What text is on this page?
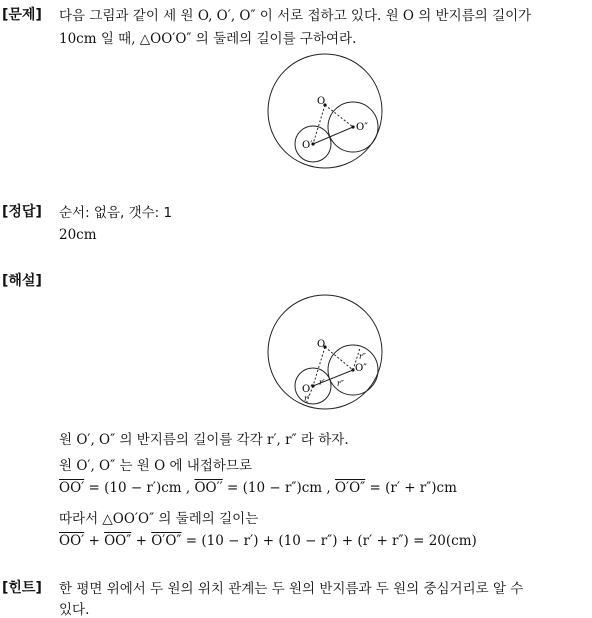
[문제] 다음 그림과 같이 세 원 O, O′, O″ 이 서로 접하고 있다. 원 O 의 반지름의 길이가
10cm 일 때, △OO′O″ 의 둘레의 길이를 구하여라.
O
O′
O″
[정답] 순서: 없음, 갯수: 1
20cm
[해설]
O
O′
O″
r′
r′
r″
r″
원 O′, O″ 의 반지름의 길이를 각각 r′, r″ 라 하자.
원 O′, O″ 는 원 O 에 내접하므로
OO′ = (10 − r′)cm , OO′′ = (10 − r″)cm , O′O″ = (r′ + r″)cm
따라서 △OO′O″ 의 둘레의 길이는
OO′ + OO″ + O′O″ = (10 − r′) + (10 − r″) + (r′ + r″) = 20(cm)
[힌트] 한 평면 위에서 두 원의 위치 관계는 두 원의 반지름과 두 원의 중심거리로 알 수
있다.
